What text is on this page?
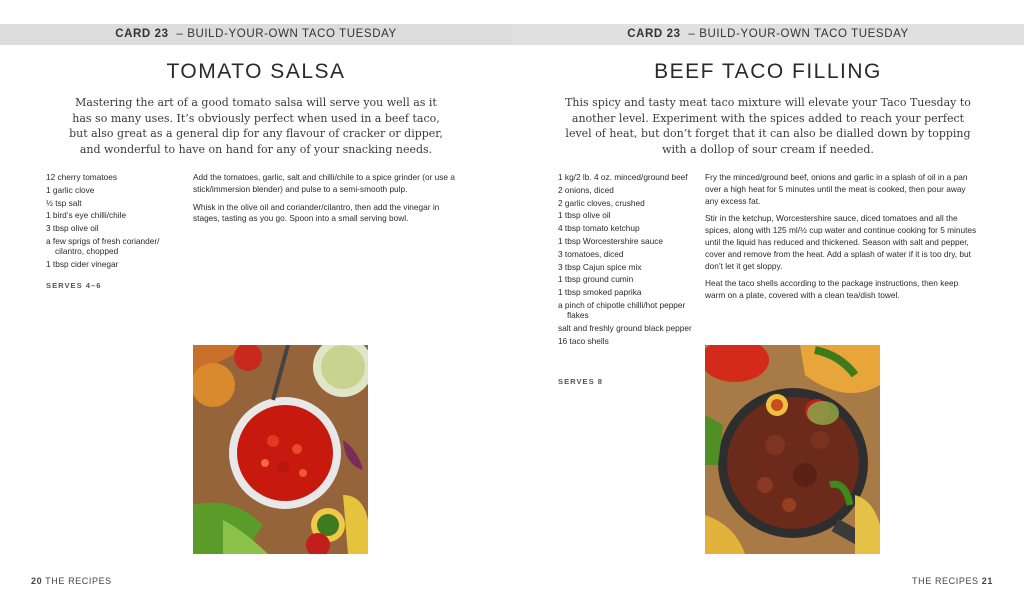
CARD 23 – BUILD-YOUR-OWN TACO TUESDAY
TOMATO SALSA

Mastering the art of a good tomato salsa will serve you well as it has so many uses. It’s obviously perfect when used in a beef taco, but also great as a general dip for any flavour of cracker or dipper, and wonderful to have on hand for any of your snacking needs.

12 cherry tomatoes
1 garlic clove
½ tsp salt
1 bird’s eye chilli/chile
3 tbsp olive oil
a few sprigs of fresh coriander/ cilantro, chopped
1 tbsp cider vinegar
SERVES 4–6

Add the tomatoes, garlic, salt and chilli/chile to a spice grinder (or use a stick/immersion blender) and pulse to a semi-smooth pulp.

Whisk in the olive oil and coriander/cilantro, then add the vinegar in stages, tasting as you go. Spoon into a small serving bowl.

20 THE RECIPES
CARD 23 – BUILD-YOUR-OWN TACO TUESDAY
BEEF TACO FILLING

This spicy and tasty meat taco mixture will elevate your Taco Tuesday to another level. Experiment with the spices added to reach your perfect level of heat, but don’t forget that it can also be dialled down by topping with a dollop of sour cream if needed.

1 kg/2 lb. 4 oz. minced/ground beef
2 onions, diced
2 garlic cloves, crushed
1 tbsp olive oil
4 tbsp tomato ketchup
1 tbsp Worcestershire sauce
3 tomatoes, diced
3 tbsp Cajun spice mix
1 tbsp ground cumin
1 tbsp smoked paprika
a pinch of chipotle chilli/hot pepper flakes
salt and freshly ground black pepper
16 taco shells
SERVES 8

Fry the minced/ground beef, onions and garlic in a splash of oil in a pan over a high heat for 5 minutes until the meat is cooked, then pour away any excess fat.

Stir in the ketchup, Worcestershire sauce, diced tomatoes and all the spices, along with 125 ml/½ cup water and continue cooking for 5 minutes until the liquid has reduced and thickened. Season with salt and pepper, cover and remove from the heat. Add a splash of water if it is too dry, but don’t let it get sloppy.

Heat the taco shells according to the package instructions, then keep warm on a plate, covered with a clean tea/dish towel.

THE RECIPES 21
